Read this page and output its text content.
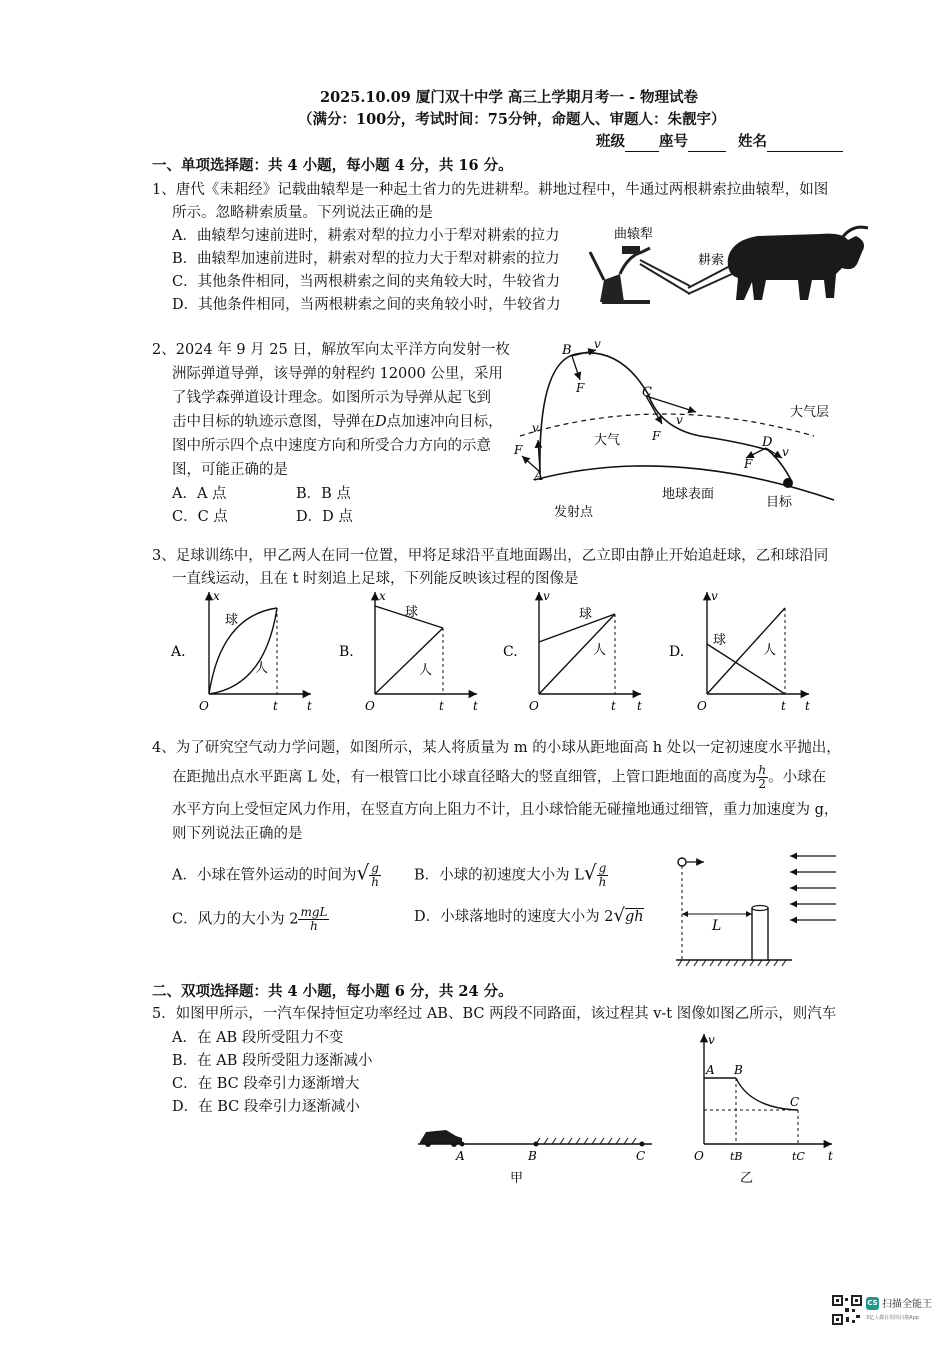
2025.10.09 厦门双十中学 高三上学期月考一 - 物理试卷
（满分：100分，考试时间：75分钟，命题人、审题人：朱靓宇）
班级 座号	姓名
一、单项选择题：共 4 小题，每小题 4 分，共 16 分。
1、唐代《耒耜经》记载曲辕犁是一种起土省力的先进耕犁。耕地过程中，牛通过两根耕索拉曲辕犁，如图
所示。忽略耕索质量。下列说法正确的是
A．曲辕犁匀速前进时，耕索对犁的拉力小于犁对耕索的拉力
B．曲辕犁加速前进时，耕索对犁的拉力大于犁对耕索的拉力
C．其他条件相同，当两根耕索之间的夹角较大时，牛较省力
D．其他条件相同，当两根耕索之间的夹角较小时，牛较省力
曲辕犁
耕索
2、2024 年 9 月 25 日，解放军向太平洋方向发射一枚
洲际弹道导弹，该导弹的射程约 12000 公里，采用
了钱学森弹道设计理念。如图所示为导弹从起飞到
击中目标的轨迹示意图，导弹在D点加速冲向目标，
图中所示四个点中速度方向和所受合力方向的示意
图，可能正确的是
A．A 点	B．B 点
C．C 点	D．D 点
A
B
C
D
v
F
v
F
v
F
v
F
大气层
大气
地球表面
目标
发射点
3、足球训练中，甲乙两人在同一位置，甲将足球沿平直地面踢出，乙立即由静止开始追赶球，乙和球沿同
一直线运动，且在 t 时刻追上足球，下列能反映该过程的图像是
A.
x
球
人
O	t t
B.
x
球
人
O	t t
C.
v
球
人
O	t t
D.
v
球
人
O	t t
4、为了研究空气动力学问题，如图所示，某人将质量为 m 的小球从距地面高 h 处以一定初速度水平抛出，
在距抛出点水平距离 L 处，有一根管口比小球直径略大的竖直细管，上管口距地面的高度为 $\frac{h}{2}$ 。小球在
水平方向上受恒定风力作用，在竖直方向上阻力不计，且小球恰能无碰撞地通过细管，重力加速度为 g，
则下列说法正确的是
A．小球在管外运动的时间为√ $\frac{g}{h}$ B．小球的初速度大小为 $L√ \frac{g}{h}$
C．风力的大小为 $2 \frac{\text{mgL}}{h}$	D．小球落地时的速度大小为 2√gh
L
二、双项选择题：共 4 小题，每小题 6 分，共 24 分。
5．如图甲所示，一汽车保持恒定功率经过 AB、BC 两段不同路面，该过程其 v-t 图像如图乙所示，则汽车
A．在 AB 段所受阻力不变
B．在 AB 段所受阻力逐渐减小
C．在 BC 段牵引力逐渐增大
D．在 BC 段牵引力逐渐减小
A	B	C
甲
v
t
O
A B
C
tB	tC
乙
CS 扫描全能王
3亿人都在用的扫描App
